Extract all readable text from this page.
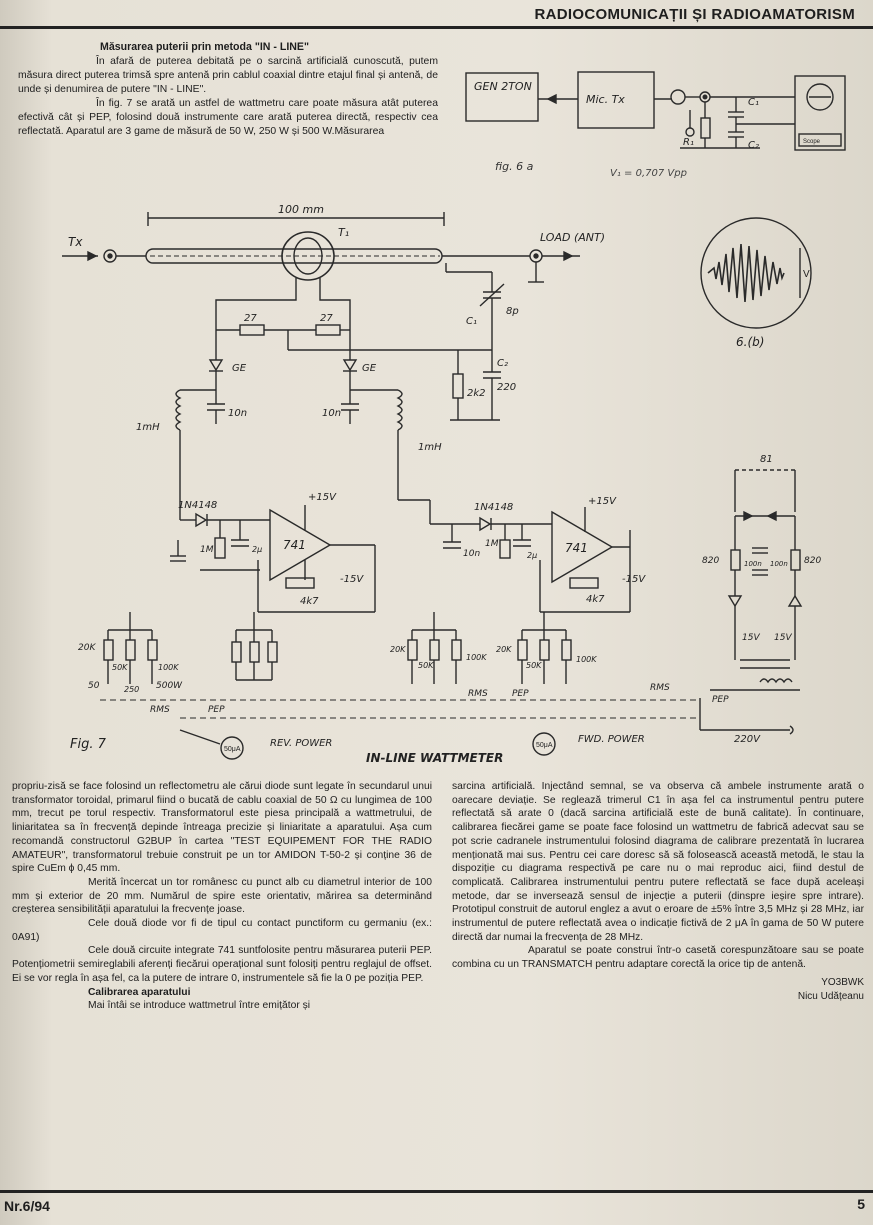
RADIOCOMUNICAȚII ȘI RADIOAMATORISM
Măsurarea puterii prin metoda "IN - LINE"

În afară de puterea debitată pe o sarcină artificială cunoscută, putem măsura direct puterea trimsă spre antenă prin cablul coaxial dintre etajul final și antenă, de unde și denumirea de putere "IN - LINE".

În fig. 7 se arată un astfel de wattmetru care poate măsura atât puterea efectivă cât și PEP, folosind două instrumente care arată puterea directă, respectiv cea reflectată. Aparatul are 3 game de măsură de 50 W, 250 W și 500 W.Măsurarea

GEN 2TON
Mic. Tx
R₁
C₁
C₂	Scope
fig. 6 a
V₁ = 0,707 Vpp
V
6.(b)
100 mm
Tx
T₁	LOAD (ANT)
C₁
8p
27	27
2k2
C₂
220
GE	GE
1mH
10n
1mH
10n
1N4148
1M	2μ 741
+15V
-15V
4k7
1N4148
10n
1M
2μ
741
+15V
-15V
4k7
20K
50K	100K
50	250 500W
20K
50K
100K
20K
50K
100K
RMS	PEP
RMS	PEP
50μA
REV. POWER	50μA
FWD. POWER
IN-LINE WATTMETER
Fig. 7
81
820	820
100n 100n
15V 15V
RMS
PEP
220V

propriu-zisă se face folosind un reflectometru ale cărui diode sunt legate în secundarul unui transformator toroidal, primarul fiind o bucată de cablu coaxial de 50 Ω cu lungimea de 100 mm, trecut pe torul respectiv. Transformatorul este piesa principală a wattmetrului, de liniaritatea sa în frecvență depinde întreaga precizie și liniaritate a aparatului. Așa cum recomandă constructorul G2BUP în cartea "TEST EQUIPEMENT FOR THE RADIO AMATEUR", transformatorul trebuie construit pe un tor AMIDON T-50-2 și conține 36 de spire CuEm ϕ 0,45 mm.

Merită încercat un tor românesc cu punct alb cu diametrul interior de 100 mm și exterior de 20 mm. Numărul de spire este orientativ, mărirea sa determinând creșterea sensibilității aparatului la frecvențe joase.

Cele două diode vor fi de tipul cu contact punctiform cu germaniu (ex.: 0A91)

Cele două circuite integrate 741 suntfolosite pentru măsurarea puterii PEP. Potențiometrii semireglabili aferenți fiecărui operațional sunt folosiți pentru reglajul de offset. Ei se vor regla în așa fel, ca la putere de intrare 0, instrumentele să fie la 0 pe poziția PEP.

Calibrarea aparatului

Mai întâi se introduce wattmetrul între emițător și

sarcina artificială. Injectând semnal, se va observa că ambele instrumente arată o oarecare deviație. Se reglează trimerul C1 în așa fel ca instrumentul pentru putere reflectată să arate 0 (dacă sarcina artificială este de bună calitate). În continuare, calibrarea fiecărei game se poate face folosind un wattmetru de fabrică adecvat sau se pot scrie cadranele instrumentului folosind diagrama de calibrare prezentată în lucrarea menționată mai sus. Pentru cei care doresc să să folosească această metodă, le stau la dispoziție cu diagrama respectivă pe care nu o mai reproduc aici, fiind destul de complicată. Calibrarea instrumentului pentru putere reflectată se face după aceleași metode, dar se inversează sensul de injecție a puterii (dinspre ieșire spre intrare). Prototipul construit de autorul englez a avut o eroare de ±5% între 3,5 MHz și 28 MHz, iar instrumentul de putere reflectată avea o indicație fictivă de 2 μA în gama de 50 W putere directă dar numai la frecvența de 28 MHz.

Aparatul se poate construi într-o casetă corespunzătoare sau se poate combina cu un TRANSMATCH pentru adaptare corectă la orice tip de antenă.

YO3BWK
Nicu Udățeanu
Nr.6/94	5
